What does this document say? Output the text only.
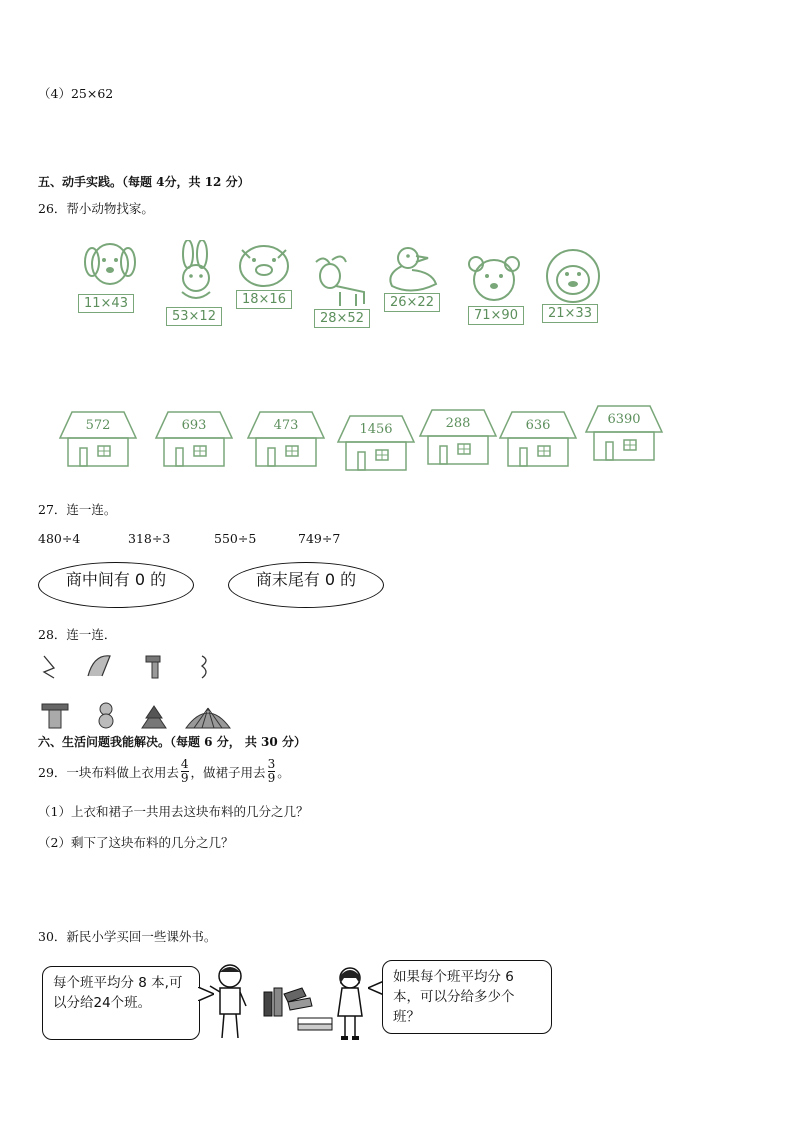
（4）25×62
五、动手实践。（每题 4分，共 12 分）
26．帮小动物找家。
11×43
53×12
18×16
28×52
26×22
71×90	21×33
572	693	473	1456	288	636	6390
27．连一连。
480÷4	318÷3	550÷5	749÷7
商中间有 0 的	商末尾有 0 的
28．连一连．
六、生活问题我能解决。（每题 6 分， 共 30 分）
29．一块布料做上衣用去 $\frac{4}{9}$ ，做裙子用去 $\frac{3}{9}$ 。
（1）上衣和裙子一共用去这块布料的几分之几？
（2）剩下了这块布料的几分之几？
30．新民小学买回一些课外书。
每个班平均分 8 本,可以分给24个班。
如果每个班平均分 6 本，可以分给多少个班？
